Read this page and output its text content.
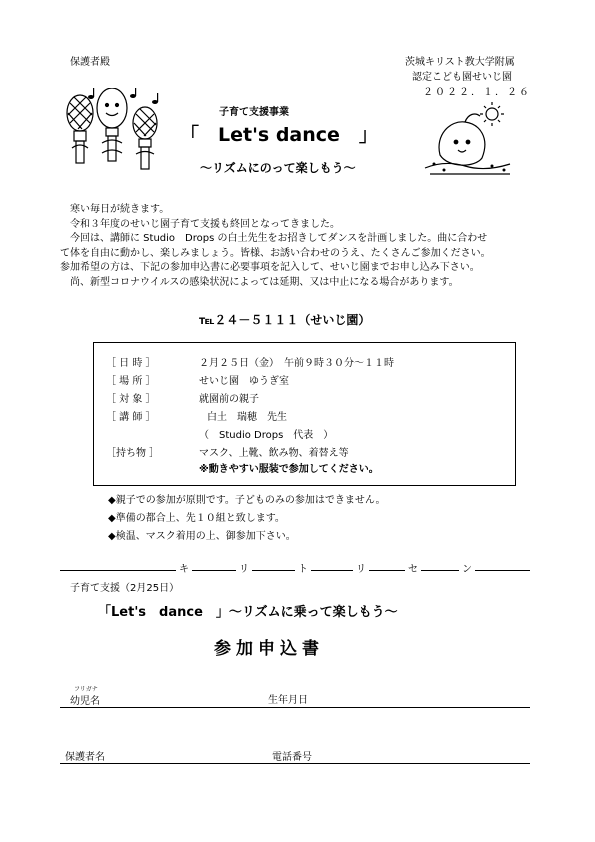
保護者殿	茨城キリスト教大学附属
認定こども園せいじ園
２０２２．１．２６
子育て支援事業
「　Let's dance　」
～リズムにのって楽しもう～

寒い毎日が続きます。

令和３年度のせいじ園子育て支援も終回となってきました。

今回は、講師に Studio　Drops の白土先生をお招きしてダンスを計画しました。曲に合わせ

て体を自由に動かし、楽しみましょう。皆様、お誘い合わせのうえ、たくさんご参加ください。

参加希望の方は、下記の参加申込書に必要事項を記入して、せいじ園までお申し込み下さい。

尚、新型コロナウイルスの感染状況によっては延期、又は中止になる場合があります。

℡２４－５１１１（せいじ園）
［ 日 時 ］	２月２５日（金）　午前９時３０分～１１時
［ 場 所 ］	せいじ園　ゆうぎ室
［ 対 象 ］	就園前の親子
［ 講 師 ］	白土　瑞穂　先生
（　Studio Drops　代表　）
［持ち物 ］	マスク、上靴、飲み物、着替え等
※動きやすい服装で参加してください。
◆親子での参加が原則です。子どものみの参加はできません。
◆準備の都合上、先１０組と致します。
◆検温、マスク着用の上、御参加下さい。
キ	リ	ト	リ	セ	ン
子育て支援（2月25日）
「Let's　dance　」～リズムに乗って楽しもう～
参加申込書
フリガナ
幼児名	生年月日
保護者名	電話番号
